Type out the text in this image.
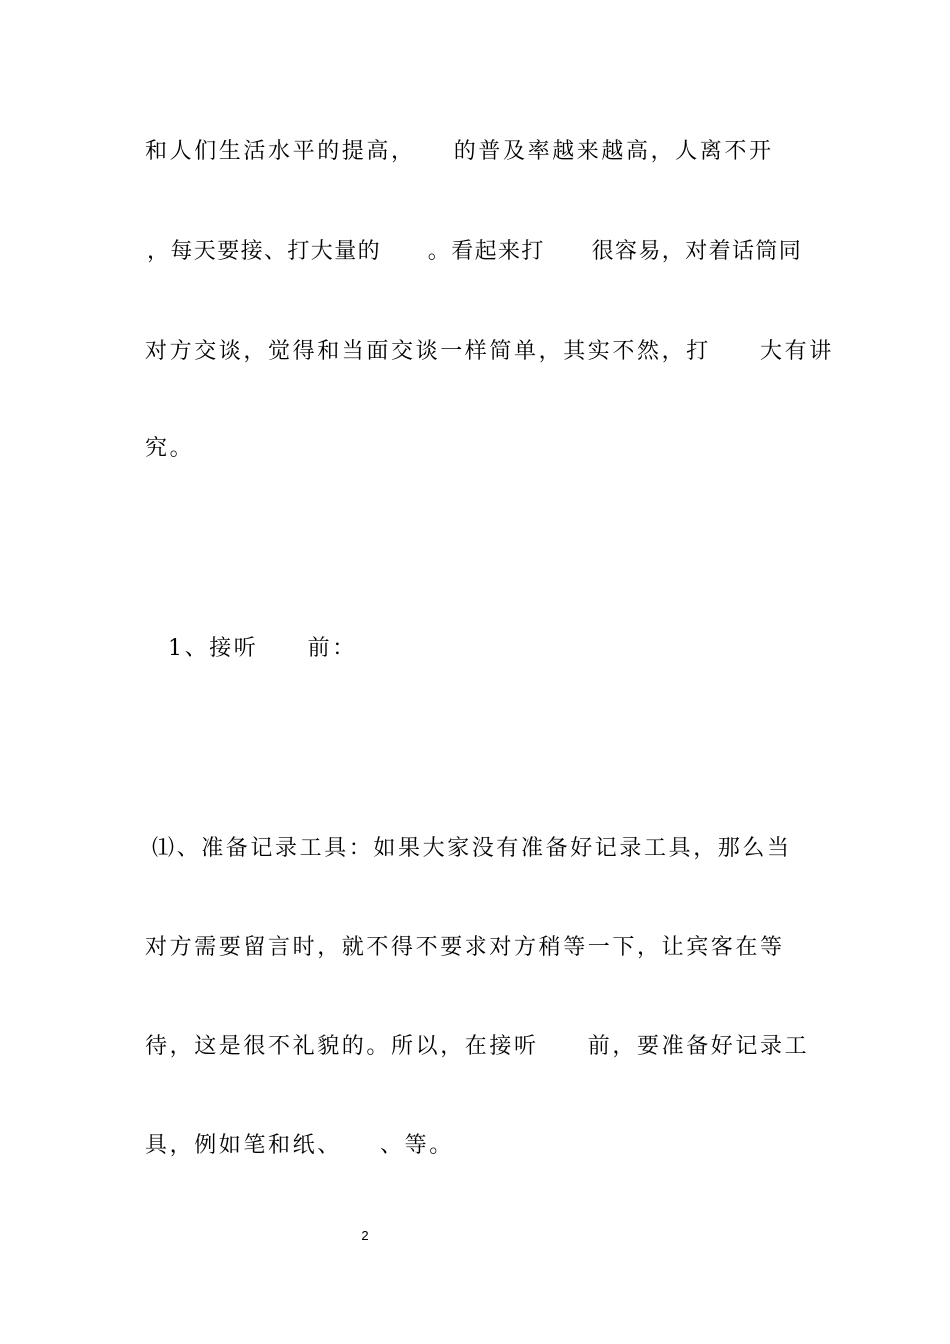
和人们生活水平的提高，　　的普及率越来越高，人离不开
，每天要接、打大量的　　。看起来打　　很容易，对着话筒同
对方交谈，觉得和当面交谈一样简单，其实不然，打　　大有讲
究。
1、接听　　前：
⑴、准备记录工具：如果大家没有准备好记录工具，那么当
对方需要留言时，就不得不要求对方稍等一下，让宾客在等
待，这是很不礼貌的。所以，在接听　　前，要准备好记录工
具，例如笔和纸、　　、等。
2
